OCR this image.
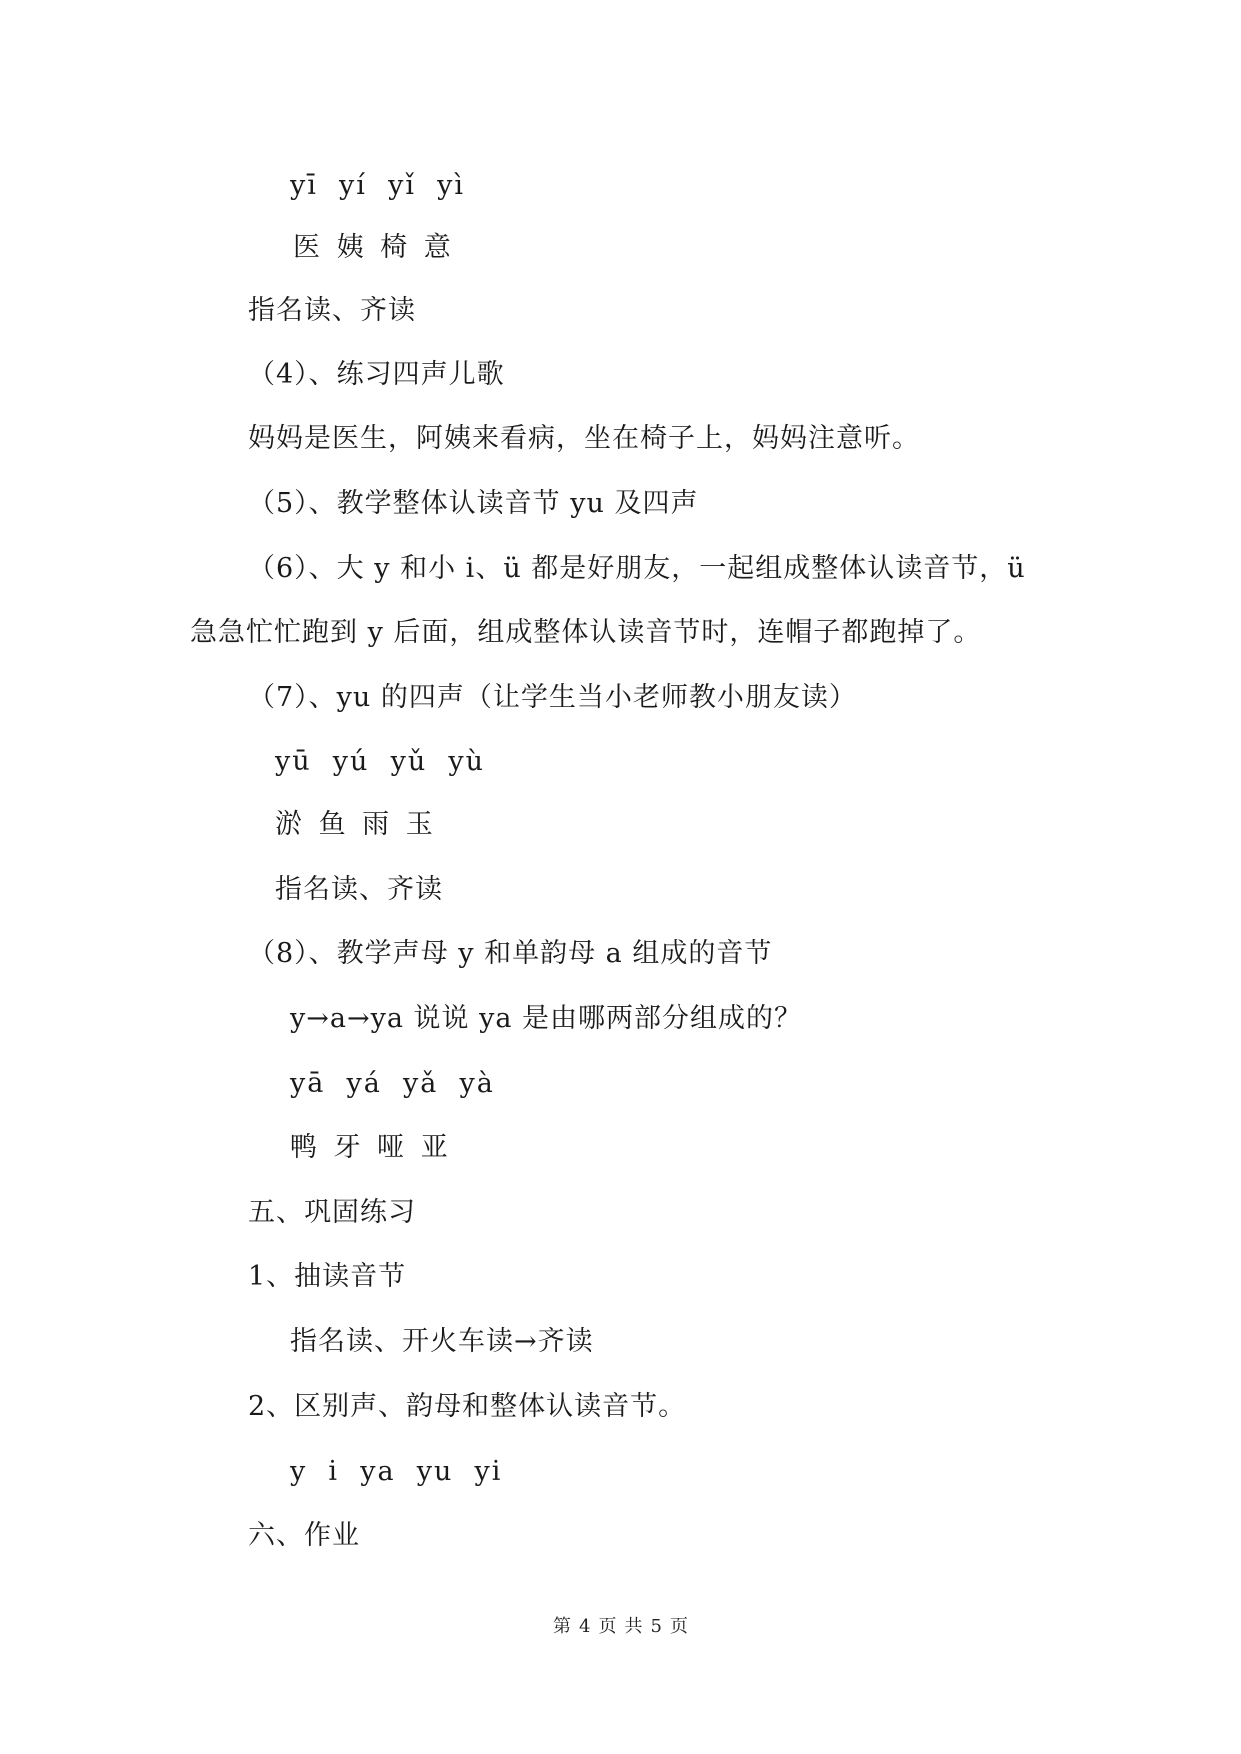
yī  yí  yǐ  yì
医 姨 椅 意
指名读、齐读
（4）、练习四声儿歌
妈妈是医生，阿姨来看病，坐在椅子上，妈妈注意听。
（5）、教学整体认读音节 yu 及四声
（6）、大 y 和小 i、ü 都是好朋友，一起组成整体认读音节，ü
急急忙忙跑到 y 后面，组成整体认读音节时，连帽子都跑掉了。
（7）、yu 的四声（让学生当小老师教小朋友读）
yū  yú  yǔ  yù
淤 鱼 雨 玉
指名读、齐读
（8）、教学声母 y 和单韵母 a 组成的音节
y→a→ya 说说 ya 是由哪两部分组成的？
yā  yá  yǎ  yà
鸭 牙 哑 亚
五、巩固练习
1、抽读音节
指名读、开火车读→齐读
2、区别声、韵母和整体认读音节。
y  i  ya  yu  yi
六、作业
第 4 页 共 5 页
